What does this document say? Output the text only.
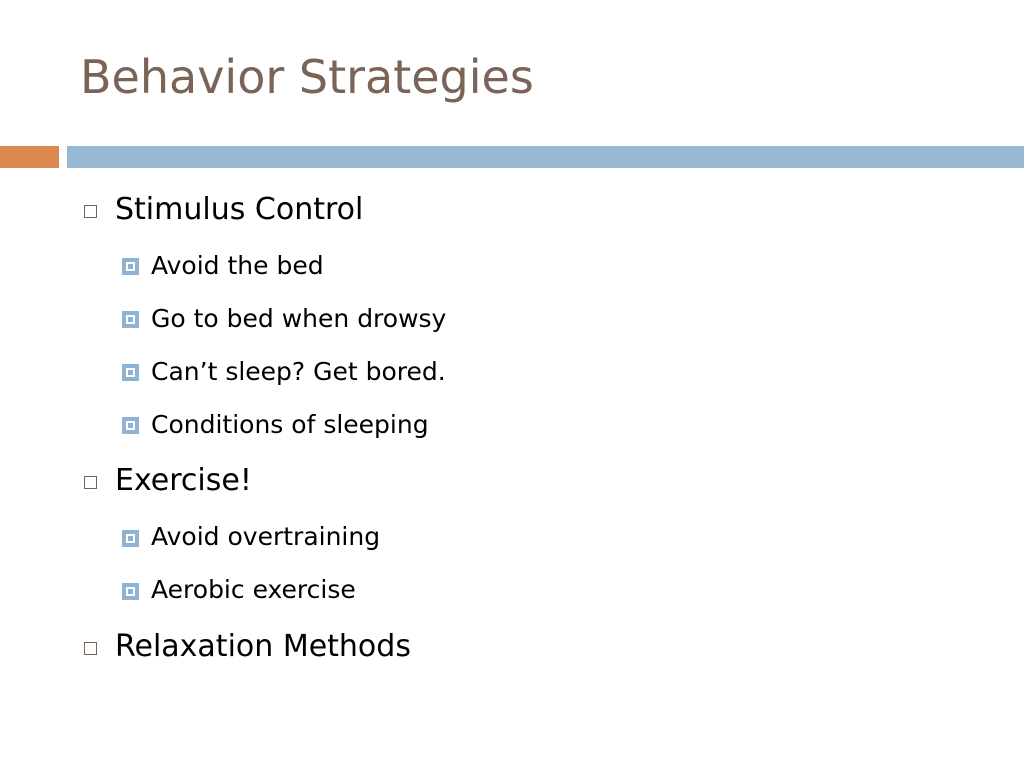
Behavior Strategies
Stimulus Control
Avoid the bed
Go to bed when drowsy
Can’t sleep? Get bored.
Conditions of sleeping
Exercise!
Avoid overtraining
Aerobic exercise
Relaxation Methods
